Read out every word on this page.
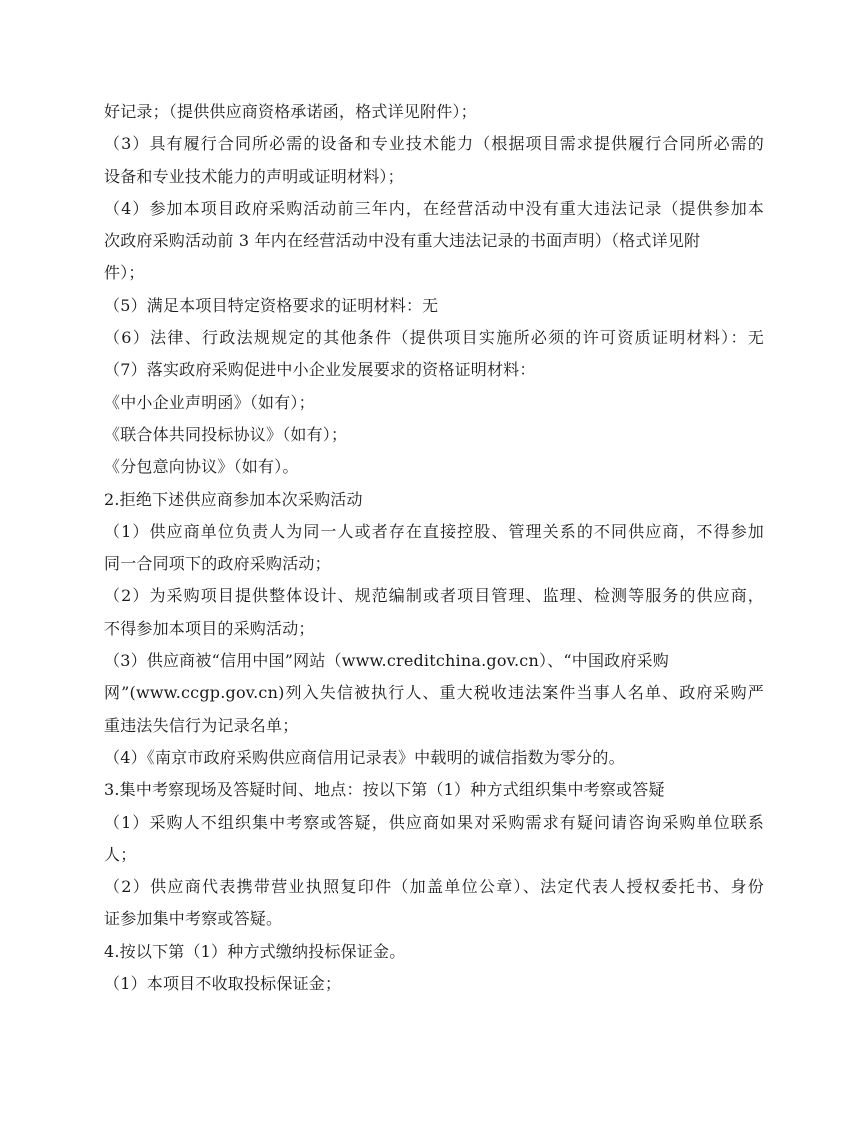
好记录；（提供供应商资格承诺函，格式详见附件）；
（3）具有履行合同所必需的设备和专业技术能力（根据项目需求提供履行合同所必需的
设备和专业技术能力的声明或证明材料）；
（4）参加本项目政府采购活动前三年内，在经营活动中没有重大违法记录（提供参加本
次政府采购活动前 3 年内在经营活动中没有重大违法记录的书面声明）（格式详见附
件）；
（5）满足本项目特定资格要求的证明材料：无
（6）法律、行政法规规定的其他条件（提供项目实施所必须的许可资质证明材料）：无
（7）落实政府采购促进中小企业发展要求的资格证明材料：
《中小企业声明函》（如有）；
《联合体共同投标协议》（如有）；
《分包意向协议》（如有）。
2.拒绝下述供应商参加本次采购活动
（1）供应商单位负责人为同一人或者存在直接控股、管理关系的不同供应商，不得参加
同一合同项下的政府采购活动；
（2）为采购项目提供整体设计、规范编制或者项目管理、监理、检测等服务的供应商，
不得参加本项目的采购活动；
（3）供应商被“信用中国”网站（www.creditchina.gov.cn）、“中国政府采购
网”(www.ccgp.gov.cn)列入失信被执行人、重大税收违法案件当事人名单、政府采购严
重违法失信行为记录名单；
（4）《南京市政府采购供应商信用记录表》中载明的诚信指数为零分的。
3.集中考察现场及答疑时间、地点：按以下第（1）种方式组织集中考察或答疑
（1）采购人不组织集中考察或答疑，供应商如果对采购需求有疑问请咨询采购单位联系
人；
（2）供应商代表携带营业执照复印件（加盖单位公章）、法定代表人授权委托书、身份
证参加集中考察或答疑。
4.按以下第（1）种方式缴纳投标保证金。
（1）本项目不收取投标保证金；
